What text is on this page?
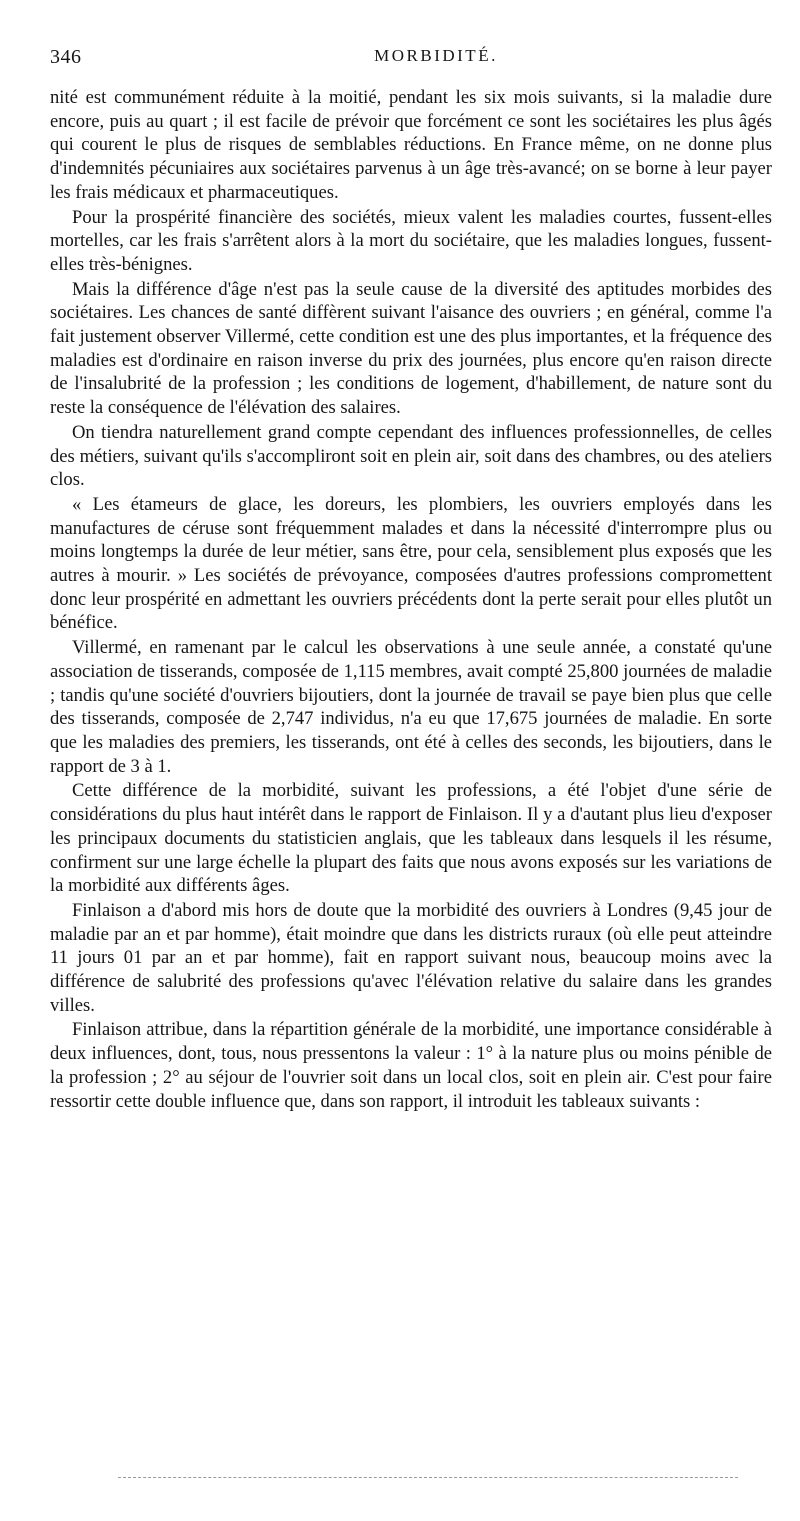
346	MORBIDITÉ.

nité est communément réduite à la moitié, pendant les six mois suivants, si la maladie dure encore, puis au quart ; il est facile de prévoir que forcément ce sont les sociétaires les plus âgés qui courent le plus de risques de semblables réductions. En France même, on ne donne plus d'indemnités pécuniaires aux sociétaires parvenus à un âge très-avancé; on se borne à leur payer les frais médicaux et pharmaceutiques.

Pour la prospérité financière des sociétés, mieux valent les maladies courtes, fussent-elles mortelles, car les frais s'arrêtent alors à la mort du sociétaire, que les maladies longues, fussent-elles très-bénignes.

Mais la différence d'âge n'est pas la seule cause de la diversité des aptitudes morbides des sociétaires. Les chances de santé diffèrent suivant l'aisance des ouvriers ; en général, comme l'a fait justement observer Villermé, cette condition est une des plus importantes, et la fréquence des maladies est d'ordinaire en raison inverse du prix des journées, plus encore qu'en raison directe de l'insalubrité de la profession ; les conditions de logement, d'habillement, de nature sont du reste la conséquence de l'élévation des salaires.

On tiendra naturellement grand compte cependant des influences professionnelles, de celles des métiers, suivant qu'ils s'accompliront soit en plein air, soit dans des chambres, ou des ateliers clos.

« Les étameurs de glace, les doreurs, les plombiers, les ouvriers employés dans les manufactures de céruse sont fréquemment malades et dans la nécessité d'interrompre plus ou moins longtemps la durée de leur métier, sans être, pour cela, sensiblement plus exposés que les autres à mourir. » Les sociétés de prévoyance, composées d'autres professions compromettent donc leur prospérité en admettant les ouvriers précédents dont la perte serait pour elles plutôt un bénéfice.

Villermé, en ramenant par le calcul les observations à une seule année, a constaté qu'une association de tisserands, composée de 1,115 membres, avait compté 25,800 journées de maladie ; tandis qu'une société d'ouvriers bijoutiers, dont la journée de travail se paye bien plus que celle des tisserands, composée de 2,747 individus, n'a eu que 17,675 journées de maladie. En sorte que les maladies des premiers, les tisserands, ont été à celles des seconds, les bijoutiers, dans le rapport de 3 à 1.

Cette différence de la morbidité, suivant les professions, a été l'objet d'une série de considérations du plus haut intérêt dans le rapport de Finlaison. Il y a d'autant plus lieu d'exposer les principaux documents du statisticien anglais, que les tableaux dans lesquels il les résume, confirment sur une large échelle la plupart des faits que nous avons exposés sur les variations de la morbidité aux différents âges.

Finlaison a d'abord mis hors de doute que la morbidité des ouvriers à Londres (9,45 jour de maladie par an et par homme), était moindre que dans les districts ruraux (où elle peut atteindre 11 jours 01 par an et par homme), fait en rapport suivant nous, beaucoup moins avec la différence de salubrité des professions qu'avec l'élévation relative du salaire dans les grandes villes.

Finlaison attribue, dans la répartition générale de la morbidité, une importance considérable à deux influences, dont, tous, nous pressentons la valeur : 1° à la nature plus ou moins pénible de la profession ; 2° au séjour de l'ouvrier soit dans un local clos, soit en plein air. C'est pour faire ressortir cette double influence que, dans son rapport, il introduit les tableaux suivants :
